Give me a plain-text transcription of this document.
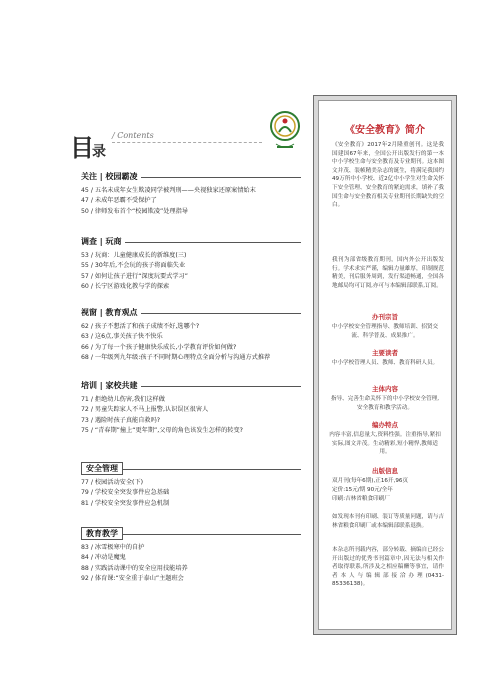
目录
/ Contents
关注 | 校园霸凌
45 / 五名未成年女生欺凌同学被判刑——央视独家还原案情始末
47 / 未成年恶霸不受保护了
50 / 律师发布首个“校园欺凌”处理指导
调查 | 玩商
53 / 玩商：儿童健康成长的新维度(三)
55 / 30年后,不会玩的孩子将面临失业
57 / 如何让孩子进行“深度玩要式学习”
60 / 长宁区游戏化教与学的探索
视窗 | 教育观点
62 / 孩子不想活了和孩子成绩不好,选哪个?
63 / 这6点,事关孩子快不快乐
66 / 为了每一个孩子健康快乐成长,小学教育评价如何做?
68 / 一年级列九年级:孩子不同时期心理特点全面分析与沟通方式推荐
培训 | 家校共建
71 / 拒绝幼儿伤害,我们这样做
72 / 男童失踪家人不马上报警,认识误区很害人
73 / 遇险时孩子真能自救吗?
75 / “青春期”撞上“更年期”,父母的角色该发生怎样的转变?
安全管理
77 / 校园活动安全(下)
79 / 学校安全突发事件应急基础
81 / 学校安全突发事件应急机制
教育教学
83 / 冰雪极寒中的自护
84 / 冲动是魔鬼
88 / 实践活动课中的安全应用技能培养
92 / 体育课:“安全重于泰山”主题班会
《安全教育》简介
《安全教育》2017年2月隆重创刊。这是我国建国67年来，全国公开出版发行的第一本中小学校生命与安全教育及专业期刊。这本图文并茂、装帧精美杂志的诞生，将满足我国约49万所中小学校、近2亿中小学生对生命关怀下安全管理、安全教育的紧迫需求，填补了我国生命与安全教育相关专业期刊长期缺失的空白。
我刊为部省级教育期刊，国内外公开出版发行。学术求实严谨，编辑力量雄厚，印制规范精美，刊后服务周到，发行渠道畅通，全国各地邮局均可订阅,亦可与本编辑部联系,订阅。
办刊宗旨
中小学校安全管理指导、教师培训、招贤交流、科学普及、成果推广。
主要读者
中小学校管理人员、教师、教育科研人员。
主体内容
指导、完善生命关怀下的中小学校安全管理,安全教育和教学活动。
编办特点
内容丰富,信息量大,资料性强。注重指导,紧扣实际,图文并茂。生动精彩,短小精悍,教师适用。
出版信息
双月刊(每年6期),正16开,96页
定价:15元/期 90元/全年
印刷:吉林省粮食印刷厂
如发现本刊有印刷、装订等质量问题，请与吉林省粮食印刷厂或本编辑部联系退换。
本杂志所刊载内容，部分转载、摘编自已经公开出版过的优秀书刊篇章中,因无法与相关作者取得联系,所涉及之相应稿酬等事宜，请作者本人与编辑部接洽办理(0431-85336138)。
